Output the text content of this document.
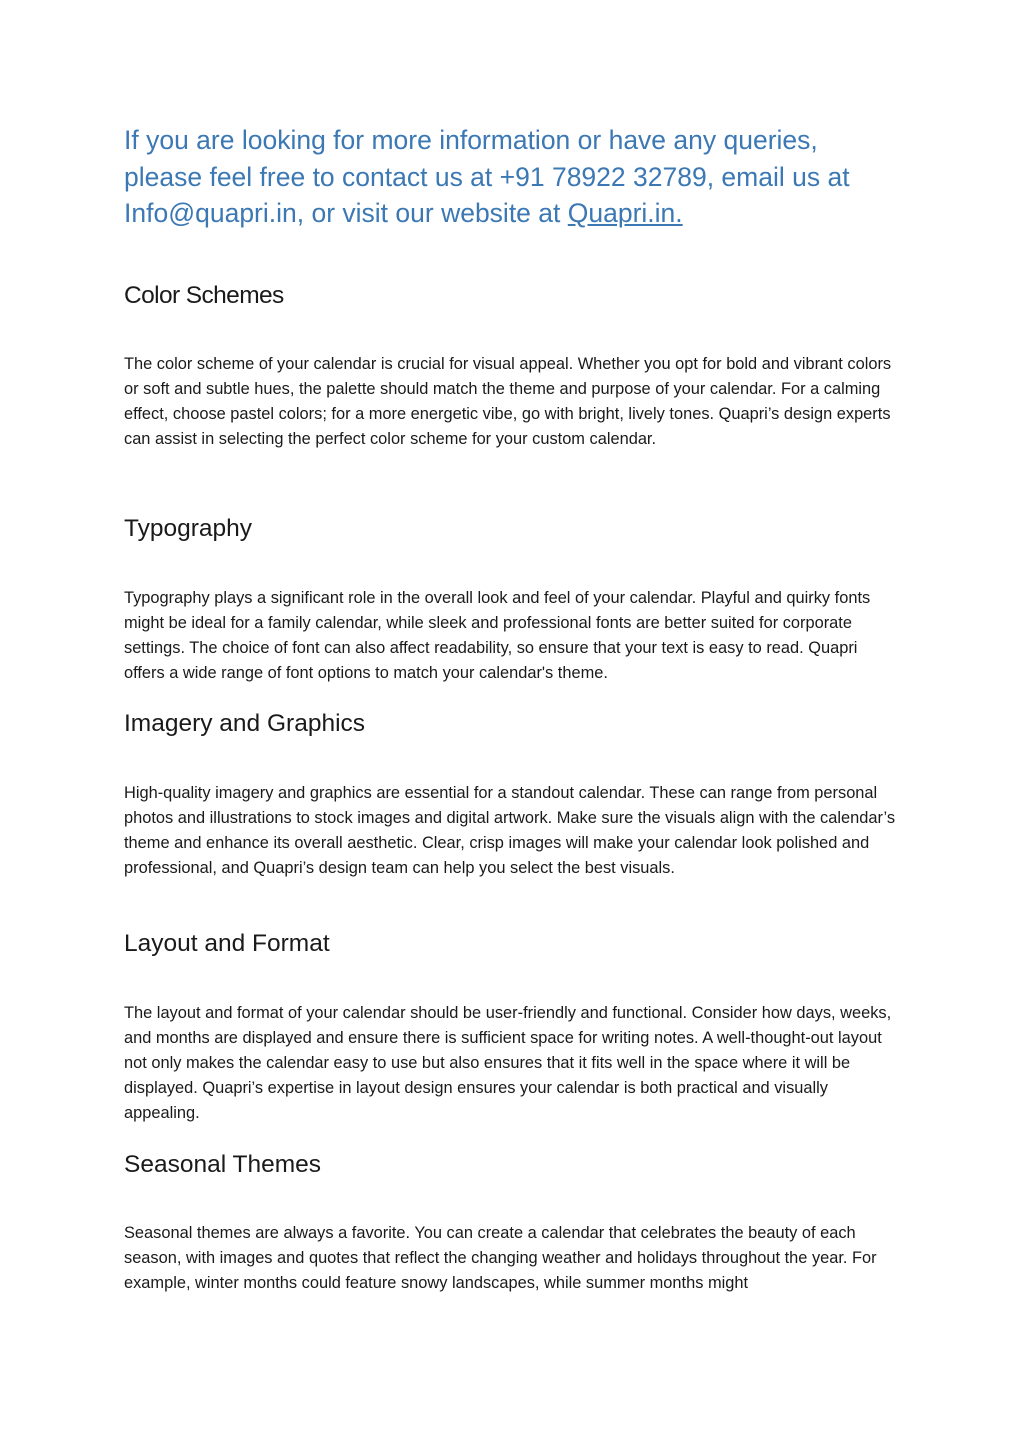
If you are looking for more information or have any queries, please feel free to contact us at +91 78922 32789, email us at Info@quapri.in, or visit our website at Quapri.in.

Color Schemes

The color scheme of your calendar is crucial for visual appeal. Whether you opt for bold and vibrant colors or soft and subtle hues, the palette should match the theme and purpose of your calendar. For a calming effect, choose pastel colors; for a more energetic vibe, go with bright, lively tones. Quapri’s design experts can assist in selecting the perfect color scheme for your custom calendar.

Typography

Typography plays a significant role in the overall look and feel of your calendar. Playful and quirky fonts might be ideal for a family calendar, while sleek and professional fonts are better suited for corporate settings. The choice of font can also affect readability, so ensure that your text is easy to read. Quapri offers a wide range of font options to match your calendar's theme.

Imagery and Graphics

High-quality imagery and graphics are essential for a standout calendar. These can range from personal photos and illustrations to stock images and digital artwork. Make sure the visuals align with the calendar’s theme and enhance its overall aesthetic. Clear, crisp images will make your calendar look polished and professional, and Quapri’s design team can help you select the best visuals.

Layout and Format

The layout and format of your calendar should be user-friendly and functional. Consider how days, weeks, and months are displayed and ensure there is sufficient space for writing notes. A well-thought-out layout not only makes the calendar easy to use but also ensures that it fits well in the space where it will be displayed. Quapri’s expertise in layout design ensures your calendar is both practical and visually appealing.

Seasonal Themes

Seasonal themes are always a favorite. You can create a calendar that celebrates the beauty of each season, with images and quotes that reflect the changing weather and holidays throughout the year. For example, winter months could feature snowy landscapes, while summer months might
